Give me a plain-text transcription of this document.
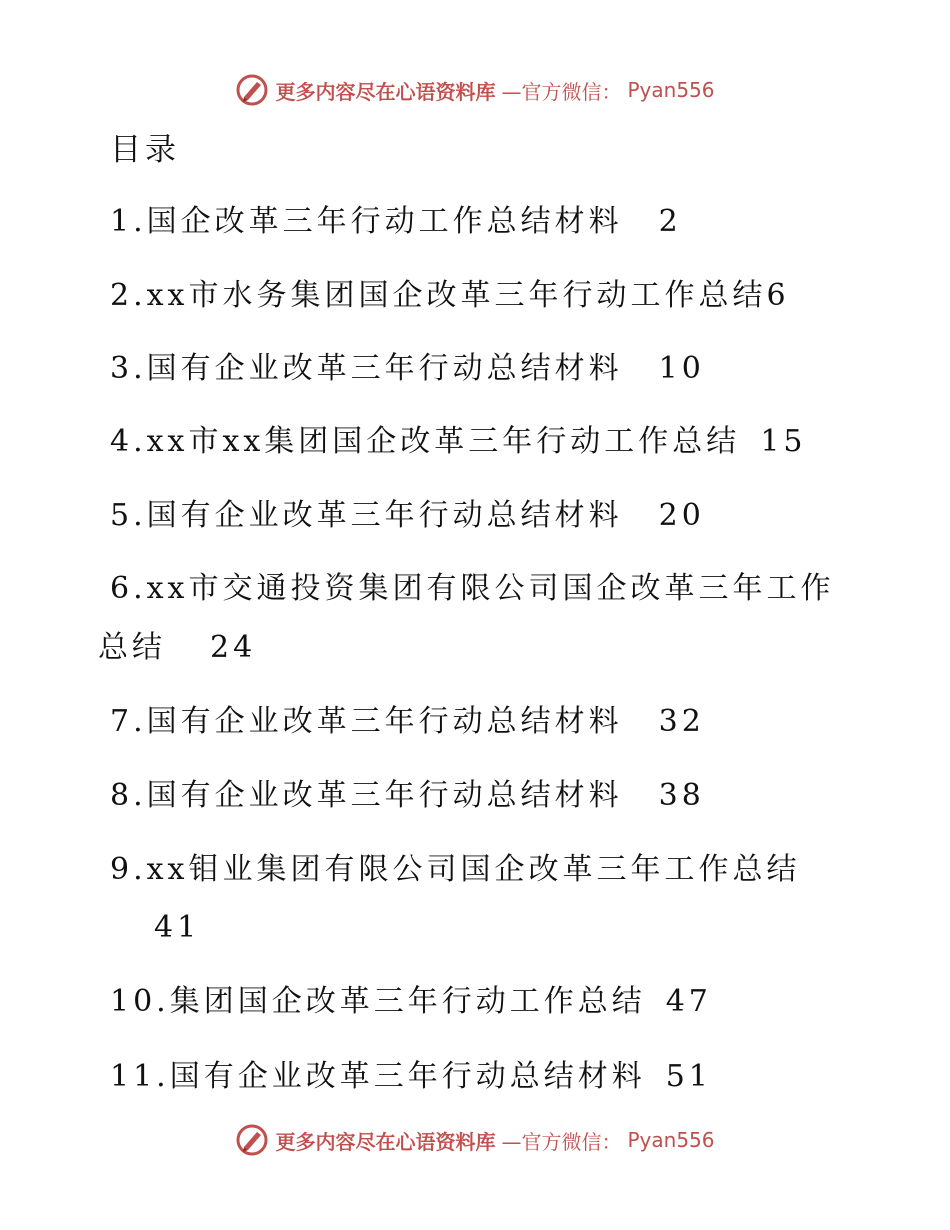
更多内容尽在心语资料库 —官方微信： Pyan556
目录
1.国企改革三年行动工作总结材料 2
2.xx市水务集团国企改革三年行动工作总结6
3.国有企业改革三年行动总结材料 10
4.xx市xx集团国企改革三年行动工作总结 15
5.国有企业改革三年行动总结材料 20
6.xx市交通投资集团有限公司国企改革三年工作
总结 24
7.国有企业改革三年行动总结材料 32
8.国有企业改革三年行动总结材料 38
9.xx钼业集团有限公司国企改革三年工作总结
41
10.集团国企改革三年行动工作总结 47
11.国有企业改革三年行动总结材料 51
更多内容尽在心语资料库 —官方微信： Pyan556
